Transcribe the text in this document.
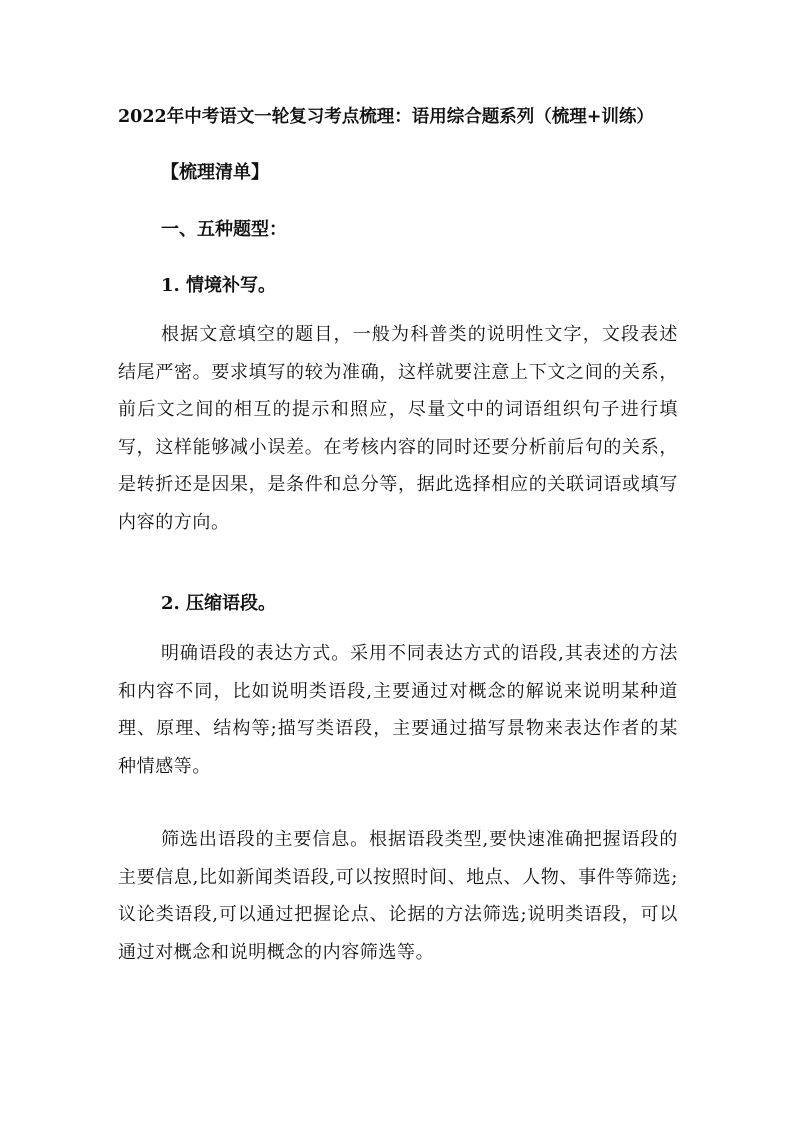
2022年中考语文一轮复习考点梳理：语用综合题系列（梳理+训练）
【梳理清单】
一、五种题型：
1. 情境补写。

根据文意填空的题目，一般为科普类的说明性文字，文段表述结尾严密。要求填写的较为准确，这样就要注意上下文之间的关系，前后文之间的相互的提示和照应，尽量文中的词语组织句子进行填写，这样能够减小误差。在考核内容的同时还要分析前后句的关系，是转折还是因果，是条件和总分等，据此选择相应的关联词语或填写内容的方向。

2. 压缩语段。

明确语段的表达方式。采用不同表达方式的语段,其表述的方法和内容不同，比如说明类语段,主要通过对概念的解说来说明某种道理、原理、结构等;描写类语段，主要通过描写景物来表达作者的某种情感等。

筛选出语段的主要信息。根据语段类型,要快速准确把握语段的主要信息,比如新闻类语段,可以按照时间、地点、人物、事件等筛选;议论类语段,可以通过把握论点、论据的方法筛选;说明类语段，可以通过对概念和说明概念的内容筛选等。
